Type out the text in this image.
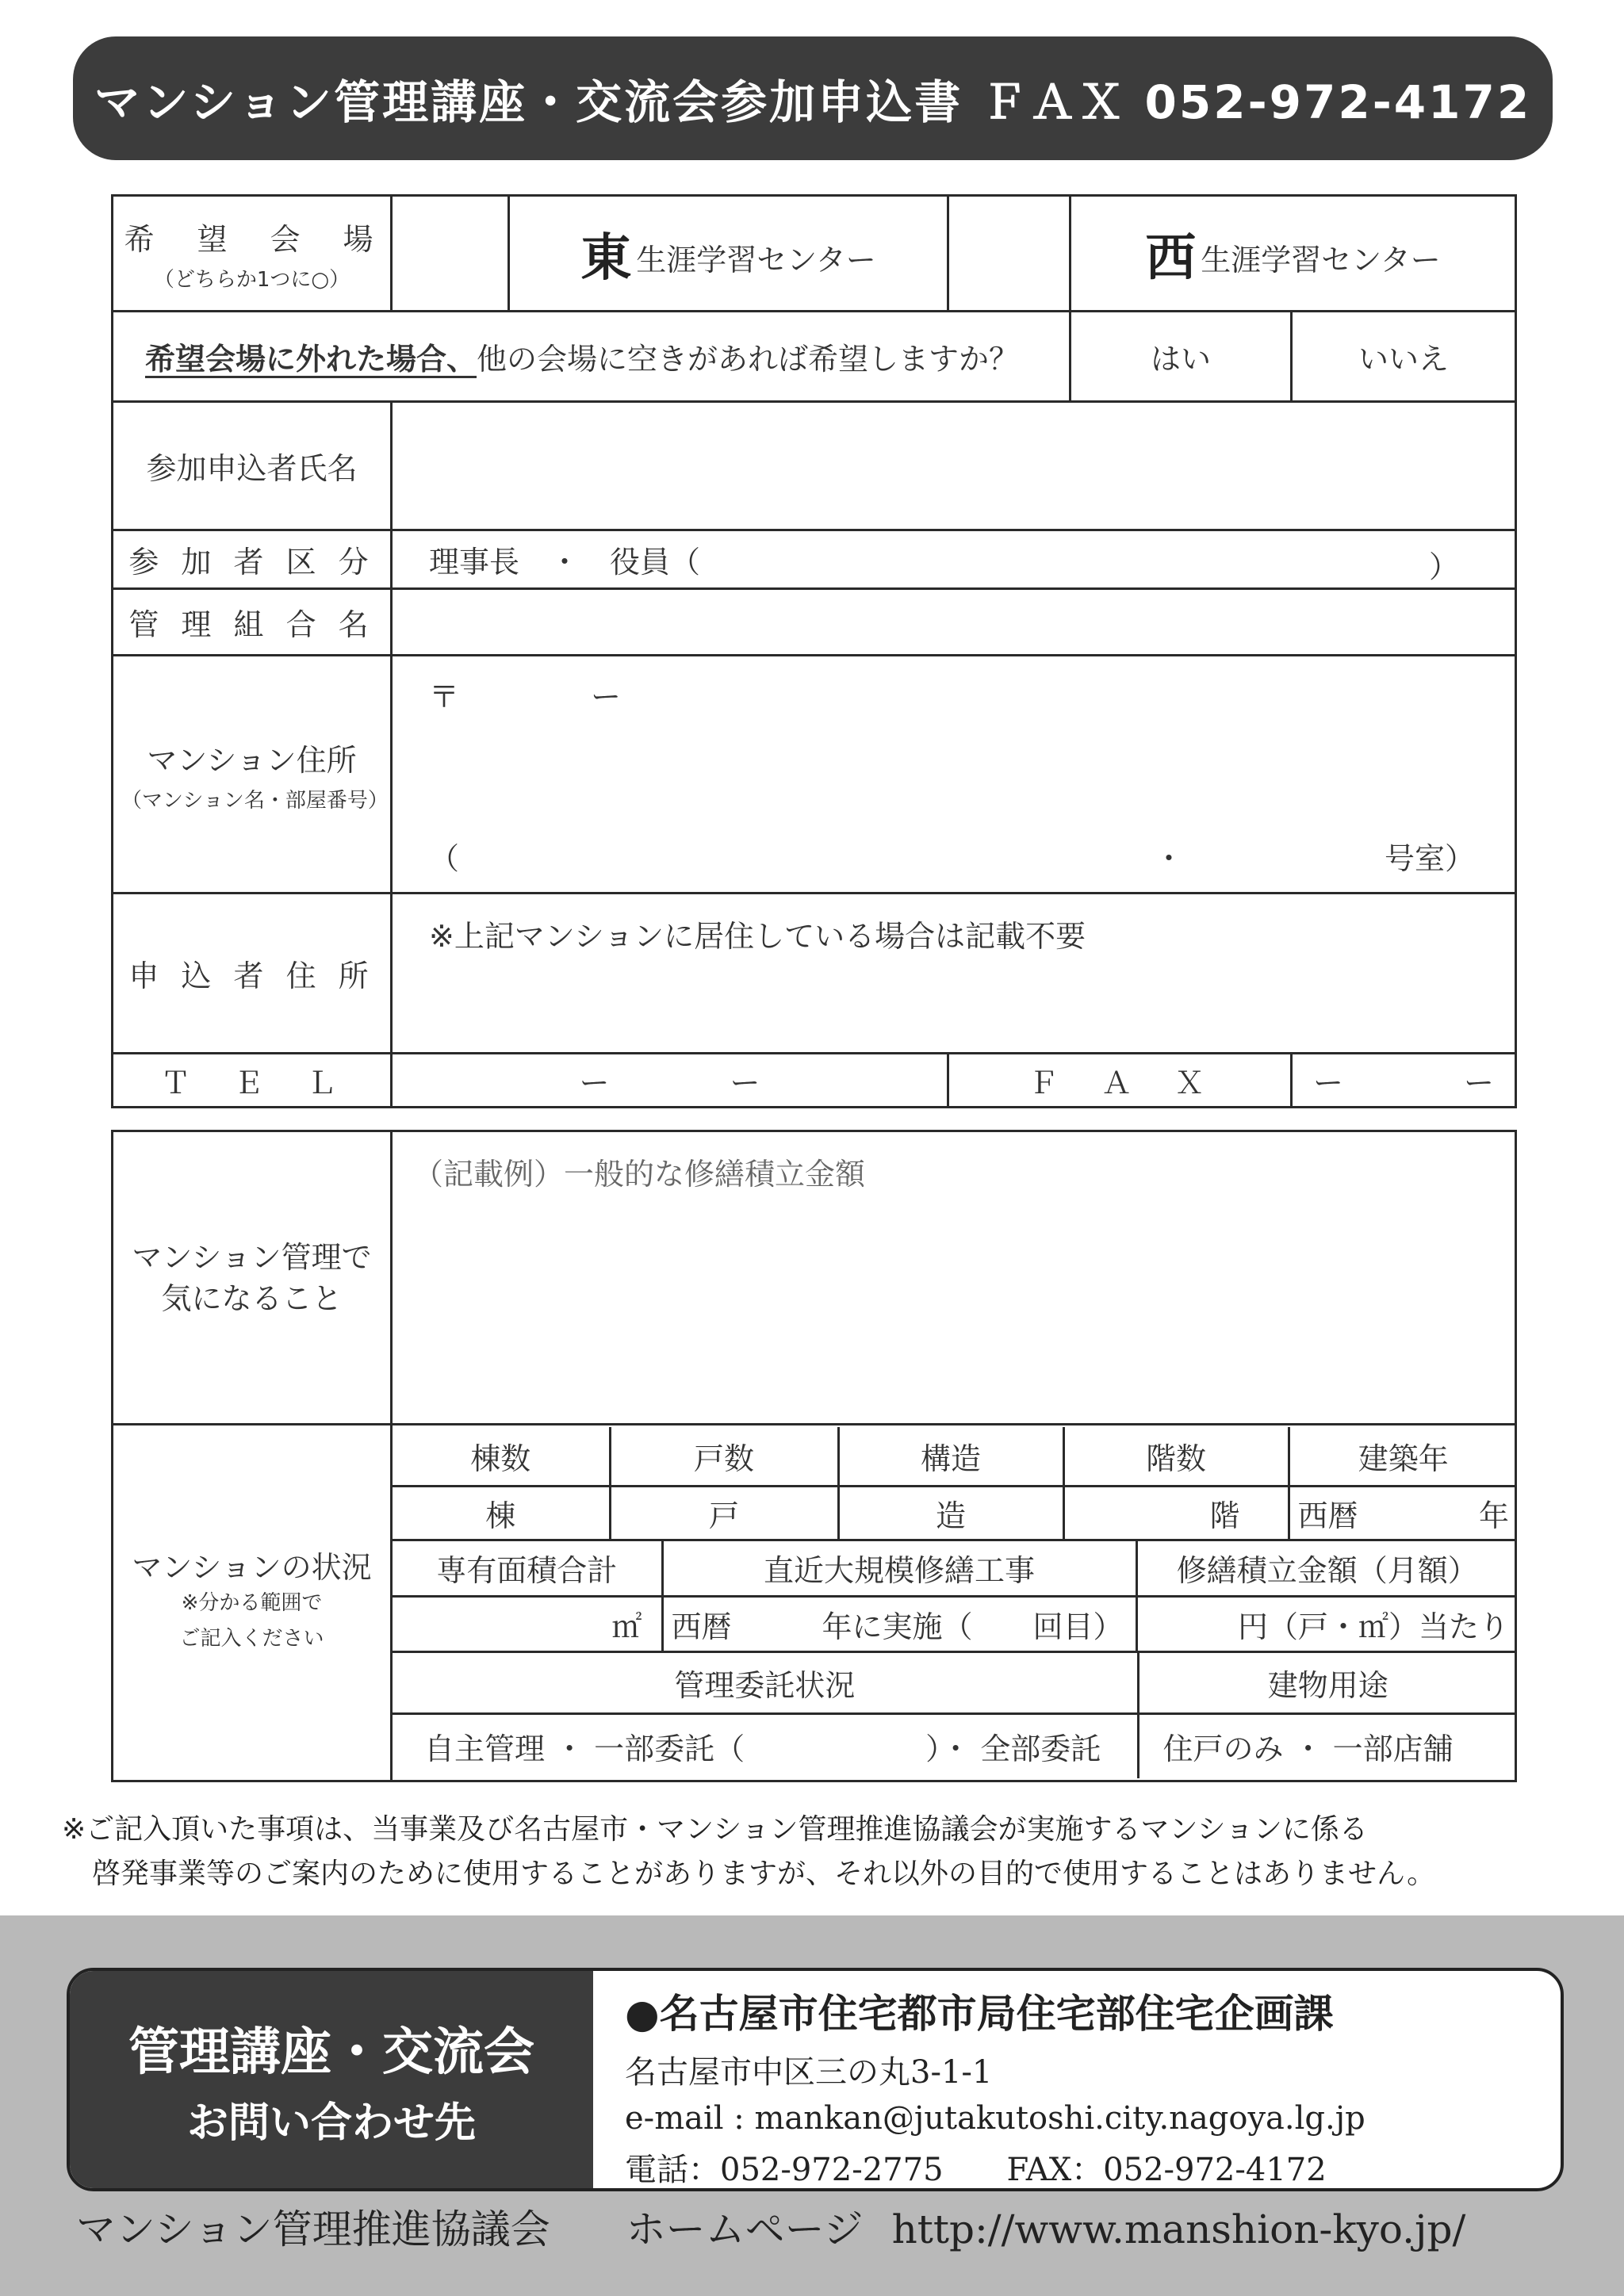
マンション管理講座・交流会参加申込書 ＦＡＸ 052-972-4172
希　望　会　場
（どちらか1つに○）		東 生涯学習センター		西 生涯学習センター	
希望会場に外れた場合、他の会場に空きがあれば希望しますか？				はい	いいえ
参加申込者氏名					
参 加 者 区 分	理事長　・　役員（ ）				

管 理 組 合 名					
マンション住所
（マンション名・部屋番号）	〒 ー
（ ・ 号室）				

申 込 者 住 所	※上記マンションに居住している場合は記載不要				
Ｔ　Ｅ　Ｌ	ー　　　　ー		Ｆ　Ａ　Ｘ		ー　　　　ー
マンション管理で
気になること	（記載例）一般的な修繕積立金額
マンションの状況
※分かる範囲で
ご記入ください	
棟数	戸数	構造	階数	建築年
棟	戸	造	階	西暦	年
専有面積合計	直近大規模修繕工事	修繕積立金額（月額）
㎡	西暦　　　年に実施（　　回目）	円（戸・㎡）当たり
管理委託状況	建物用途
自主管理 ・ 一部委託（　　　　　　）・ 全部委託	住戸のみ ・ 一部店舗
※ご記入頂いた事項は、当事業及び名古屋市・マンション管理推進協議会が実施するマンションに係る
啓発事業等のご案内のために使用することがありますが、それ以外の目的で使用することはありません。
管理講座・交流会
お問い合わせ先
●名古屋市住宅都市局住宅部住宅企画課
名古屋市中区三の丸3-1-1
e-mail : mankan@jutakutoshi.city.nagoya.lg.jp
電話：052-972-2775 FAX：052-972-4172
マンション管理推進協議会 ホームページ http://www.manshion-kyo.jp/
